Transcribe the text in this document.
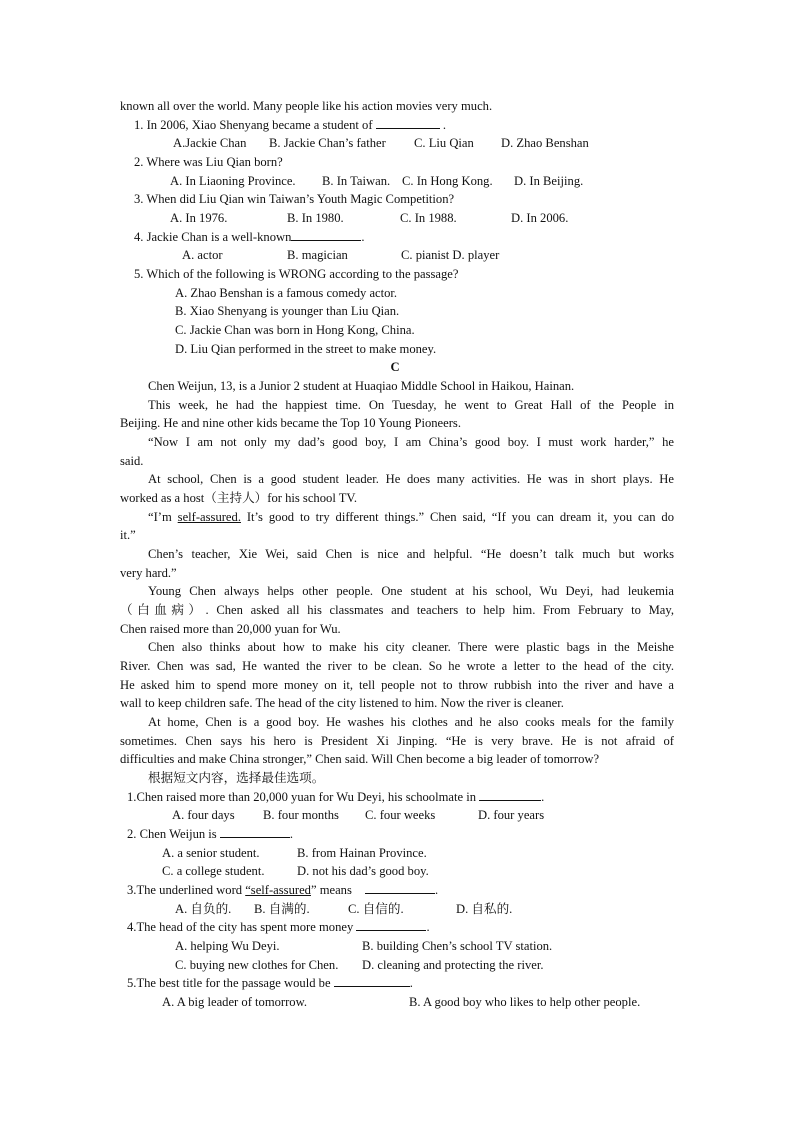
known all over the world. Many people like his action movies very much.
1. In 2006, Xiao Shenyang became a student of	.
A.Jackie Chan B. Jackie Chan’s father C. Liu Qian D. Zhao Benshan
2. Where was Liu Qian born?
A. In Liaoning Province. B. In Taiwan. C. In Hong Kong. D. In Beijing.
3. When did Liu Qian win Taiwan’s Youth Magic Competition?
A. In 1976.	B. In 1980.	C. In 1988.	D. In 2006.
4. Jackie Chan is a well-known	.
A. actor	B. magician	C. pianist D. player
5. Which of the following is WRONG according to the passage?
A. Zhao Benshan is a famous comedy actor.
B. Xiao Shenyang is younger than Liu Qian.
C. Jackie Chan was born in Hong Kong, China.
D. Liu Qian performed in the street to make money.
C
Chen Weijun, 13, is a Junior 2 student at Huaqiao Middle School in Haikou, Hainan.
This week, he had the happiest time. On Tuesday, he went to Great Hall of the People in
Beijing. He and nine other kids became the Top 10 Young Pioneers.
“Now I am not only my dad’s good boy, I am China’s good boy. I must work harder,” he
said.
At school, Chen is a good student leader. He does many activities. He was in short plays. He
worked as a host（主持人）for his school TV.
“I’m self-assured. It’s good to try different things.” Chen said, “If you can dream it, you can do
it.”
Chen’s teacher, Xie Wei, said Chen is nice and helpful. “He doesn’t talk much but works
very hard.”
Young Chen always helps other people. One student at his school, Wu Deyi, had leukemia
（白血病）. Chen asked all his classmates and teachers to help him. From February to May,
Chen raised more than 20,000 yuan for Wu.
Chen also thinks about how to make his city cleaner. There were plastic bags in the Meishe
River. Chen was sad, He wanted the river to be clean. So he wrote a letter to the head of the city.
He asked him to spend more money on it, tell people not to throw rubbish into the river and have a
wall to keep children safe. The head of the city listened to him. Now the river is cleaner.
At home, Chen is a good boy. He washes his clothes and he also cooks meals for the family
sometimes. Chen says his hero is President Xi Jinping. “He is very brave. He is not afraid of
difficulties and make China stronger,” Chen said. Will Chen become a big leader of tomorrow?
根据短文内容，选择最佳选项。
1.Chen raised more than 20,000 yuan for Wu Deyi, his schoolmate in	.
A. four days B. four months C. four weeks	D. four years
2. Chen Weijun is	.
A. a senior student.	B. from Hainan Province.
C. a college student.	D. not his dad’s good boy.
3.The underlined word “self-assured” means	.
A. 自负的. B. 自满的.	C. 自信的.	D. 自私的.
4.The head of the city has spent more money	.
A. helping Wu Deyi.	B. building Chen’s school TV station.
C. buying new clothes for Chen. D. cleaning and protecting the river.
5.The best title for the passage would be	.
A. A big leader of tomorrow.	B. A good boy who likes to help other people.
